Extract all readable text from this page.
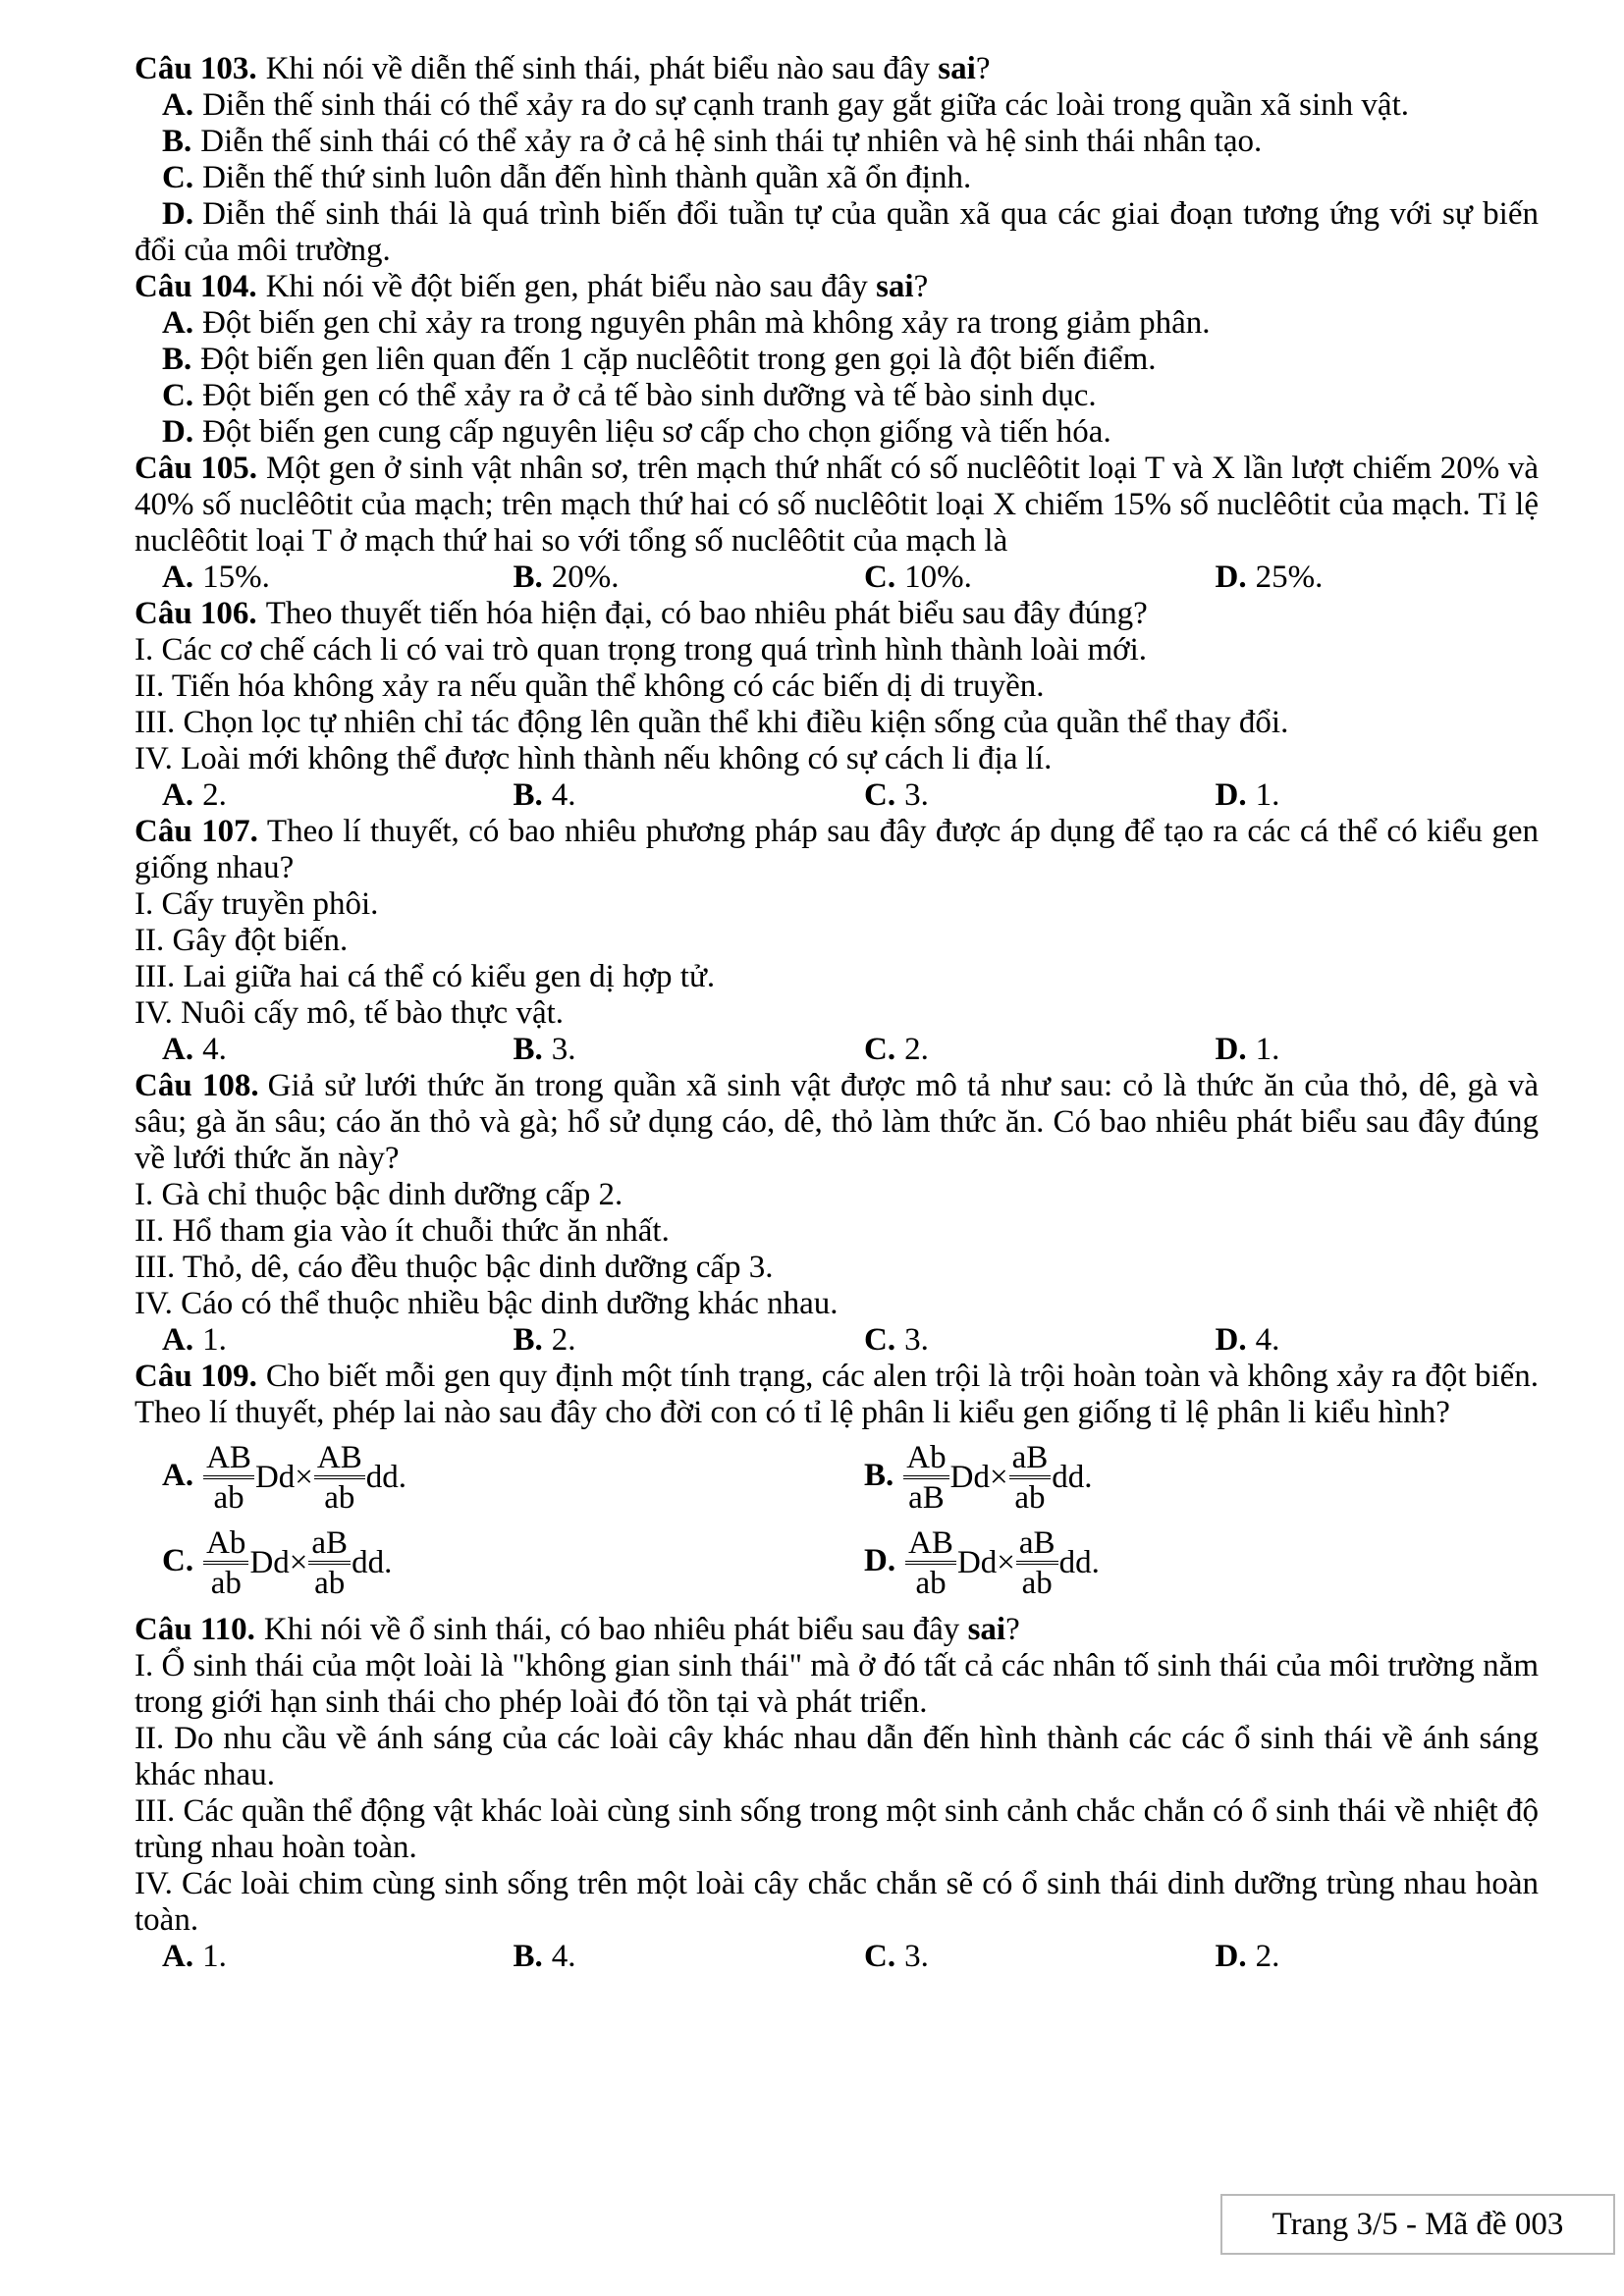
Câu 103. Khi nói về diễn thế sinh thái, phát biểu nào sau đây sai?

A. Diễn thế sinh thái có thể xảy ra do sự cạnh tranh gay gắt giữa các loài trong quần xã sinh vật.

B. Diễn thế sinh thái có thể xảy ra ở cả hệ sinh thái tự nhiên và hệ sinh thái nhân tạo.

C. Diễn thế thứ sinh luôn dẫn đến hình thành quần xã ổn định.

D. Diễn thế sinh thái là quá trình biến đổi tuần tự của quần xã qua các giai đoạn tương ứng với sự biến đổi của môi trường.

Câu 104. Khi nói về đột biến gen, phát biểu nào sau đây sai?

A. Đột biến gen chỉ xảy ra trong nguyên phân mà không xảy ra trong giảm phân.

B. Đột biến gen liên quan đến 1 cặp nuclêôtit trong gen gọi là đột biến điểm.

C. Đột biến gen có thể xảy ra ở cả tế bào sinh dưỡng và tế bào sinh dục.

D. Đột biến gen cung cấp nguyên liệu sơ cấp cho chọn giống và tiến hóa.

Câu 105. Một gen ở sinh vật nhân sơ, trên mạch thứ nhất có số nuclêôtit loại T và X lần lượt chiếm 20% và 40% số nuclêôtit của mạch; trên mạch thứ hai có số nuclêôtit loại X chiếm 15% số nuclêôtit của mạch. Tỉ lệ nuclêôtit loại T ở mạch thứ hai so với tổng số nuclêôtit của mạch là

A. 15%.	B. 20%.	C. 10%.	D. 25%.

Câu 106. Theo thuyết tiến hóa hiện đại, có bao nhiêu phát biểu sau đây đúng?

I. Các cơ chế cách li có vai trò quan trọng trong quá trình hình thành loài mới.

II. Tiến hóa không xảy ra nếu quần thể không có các biến dị di truyền.

III. Chọn lọc tự nhiên chỉ tác động lên quần thể khi điều kiện sống của quần thể thay đổi.

IV. Loài mới không thể được hình thành nếu không có sự cách li địa lí.

A. 2.	B. 4.	C. 3.	D. 1.

Câu 107. Theo lí thuyết, có bao nhiêu phương pháp sau đây được áp dụng để tạo ra các cá thể có kiểu gen giống nhau?

I. Cấy truyền phôi.

II. Gây đột biến.

III. Lai giữa hai cá thể có kiểu gen dị hợp tử.

IV. Nuôi cấy mô, tế bào thực vật.

A. 4.	B. 3.	C. 2.	D. 1.

Câu 108. Giả sử lưới thức ăn trong quần xã sinh vật được mô tả như sau: cỏ là thức ăn của thỏ, dê, gà và sâu; gà ăn sâu; cáo ăn thỏ và gà; hổ sử dụng cáo, dê, thỏ làm thức ăn. Có bao nhiêu phát biểu sau đây đúng về lưới thức ăn này?

I. Gà chỉ thuộc bậc dinh dưỡng cấp 2.

II. Hổ tham gia vào ít chuỗi thức ăn nhất.

III. Thỏ, dê, cáo đều thuộc bậc dinh dưỡng cấp 3.

IV. Cáo có thể thuộc nhiều bậc dinh dưỡng khác nhau.

A. 1.	B. 2.	C. 3.	D. 4.

Câu 109. Cho biết mỗi gen quy định một tính trạng, các alen trội là trội hoàn toàn và không xảy ra đột biến. Theo lí thuyết, phép lai nào sau đây cho đời con có tỉ lệ phân li kiểu gen giống tỉ lệ phân li kiểu hình?

A. $\frac{AB}{ab} Dd\times \frac{AB}{ab}$ dd.	B. $\frac{Ab}{aB} Dd\times \frac{aB}{ab}$ dd.
C. $\frac{Ab}{ab} Dd\times \frac{aB}{ab}$ dd.	D. $\frac{AB}{ab} Dd\times \frac{aB}{ab}$ dd.

Câu 110. Khi nói về ổ sinh thái, có bao nhiêu phát biểu sau đây sai?

I. Ổ sinh thái của một loài là "không gian sinh thái" mà ở đó tất cả các nhân tố sinh thái của môi trường nằm trong giới hạn sinh thái cho phép loài đó tồn tại và phát triển.

II. Do nhu cầu về ánh sáng của các loài cây khác nhau dẫn đến hình thành các các ổ sinh thái về ánh sáng khác nhau.

III. Các quần thể động vật khác loài cùng sinh sống trong một sinh cảnh chắc chắn có ổ sinh thái về nhiệt độ trùng nhau hoàn toàn.

IV. Các loài chim cùng sinh sống trên một loài cây chắc chắn sẽ có ổ sinh thái dinh dưỡng trùng nhau hoàn toàn.

A. 1.	B. 4.	C. 3.	D. 2.
Trang 3/5 - Mã đề 003
